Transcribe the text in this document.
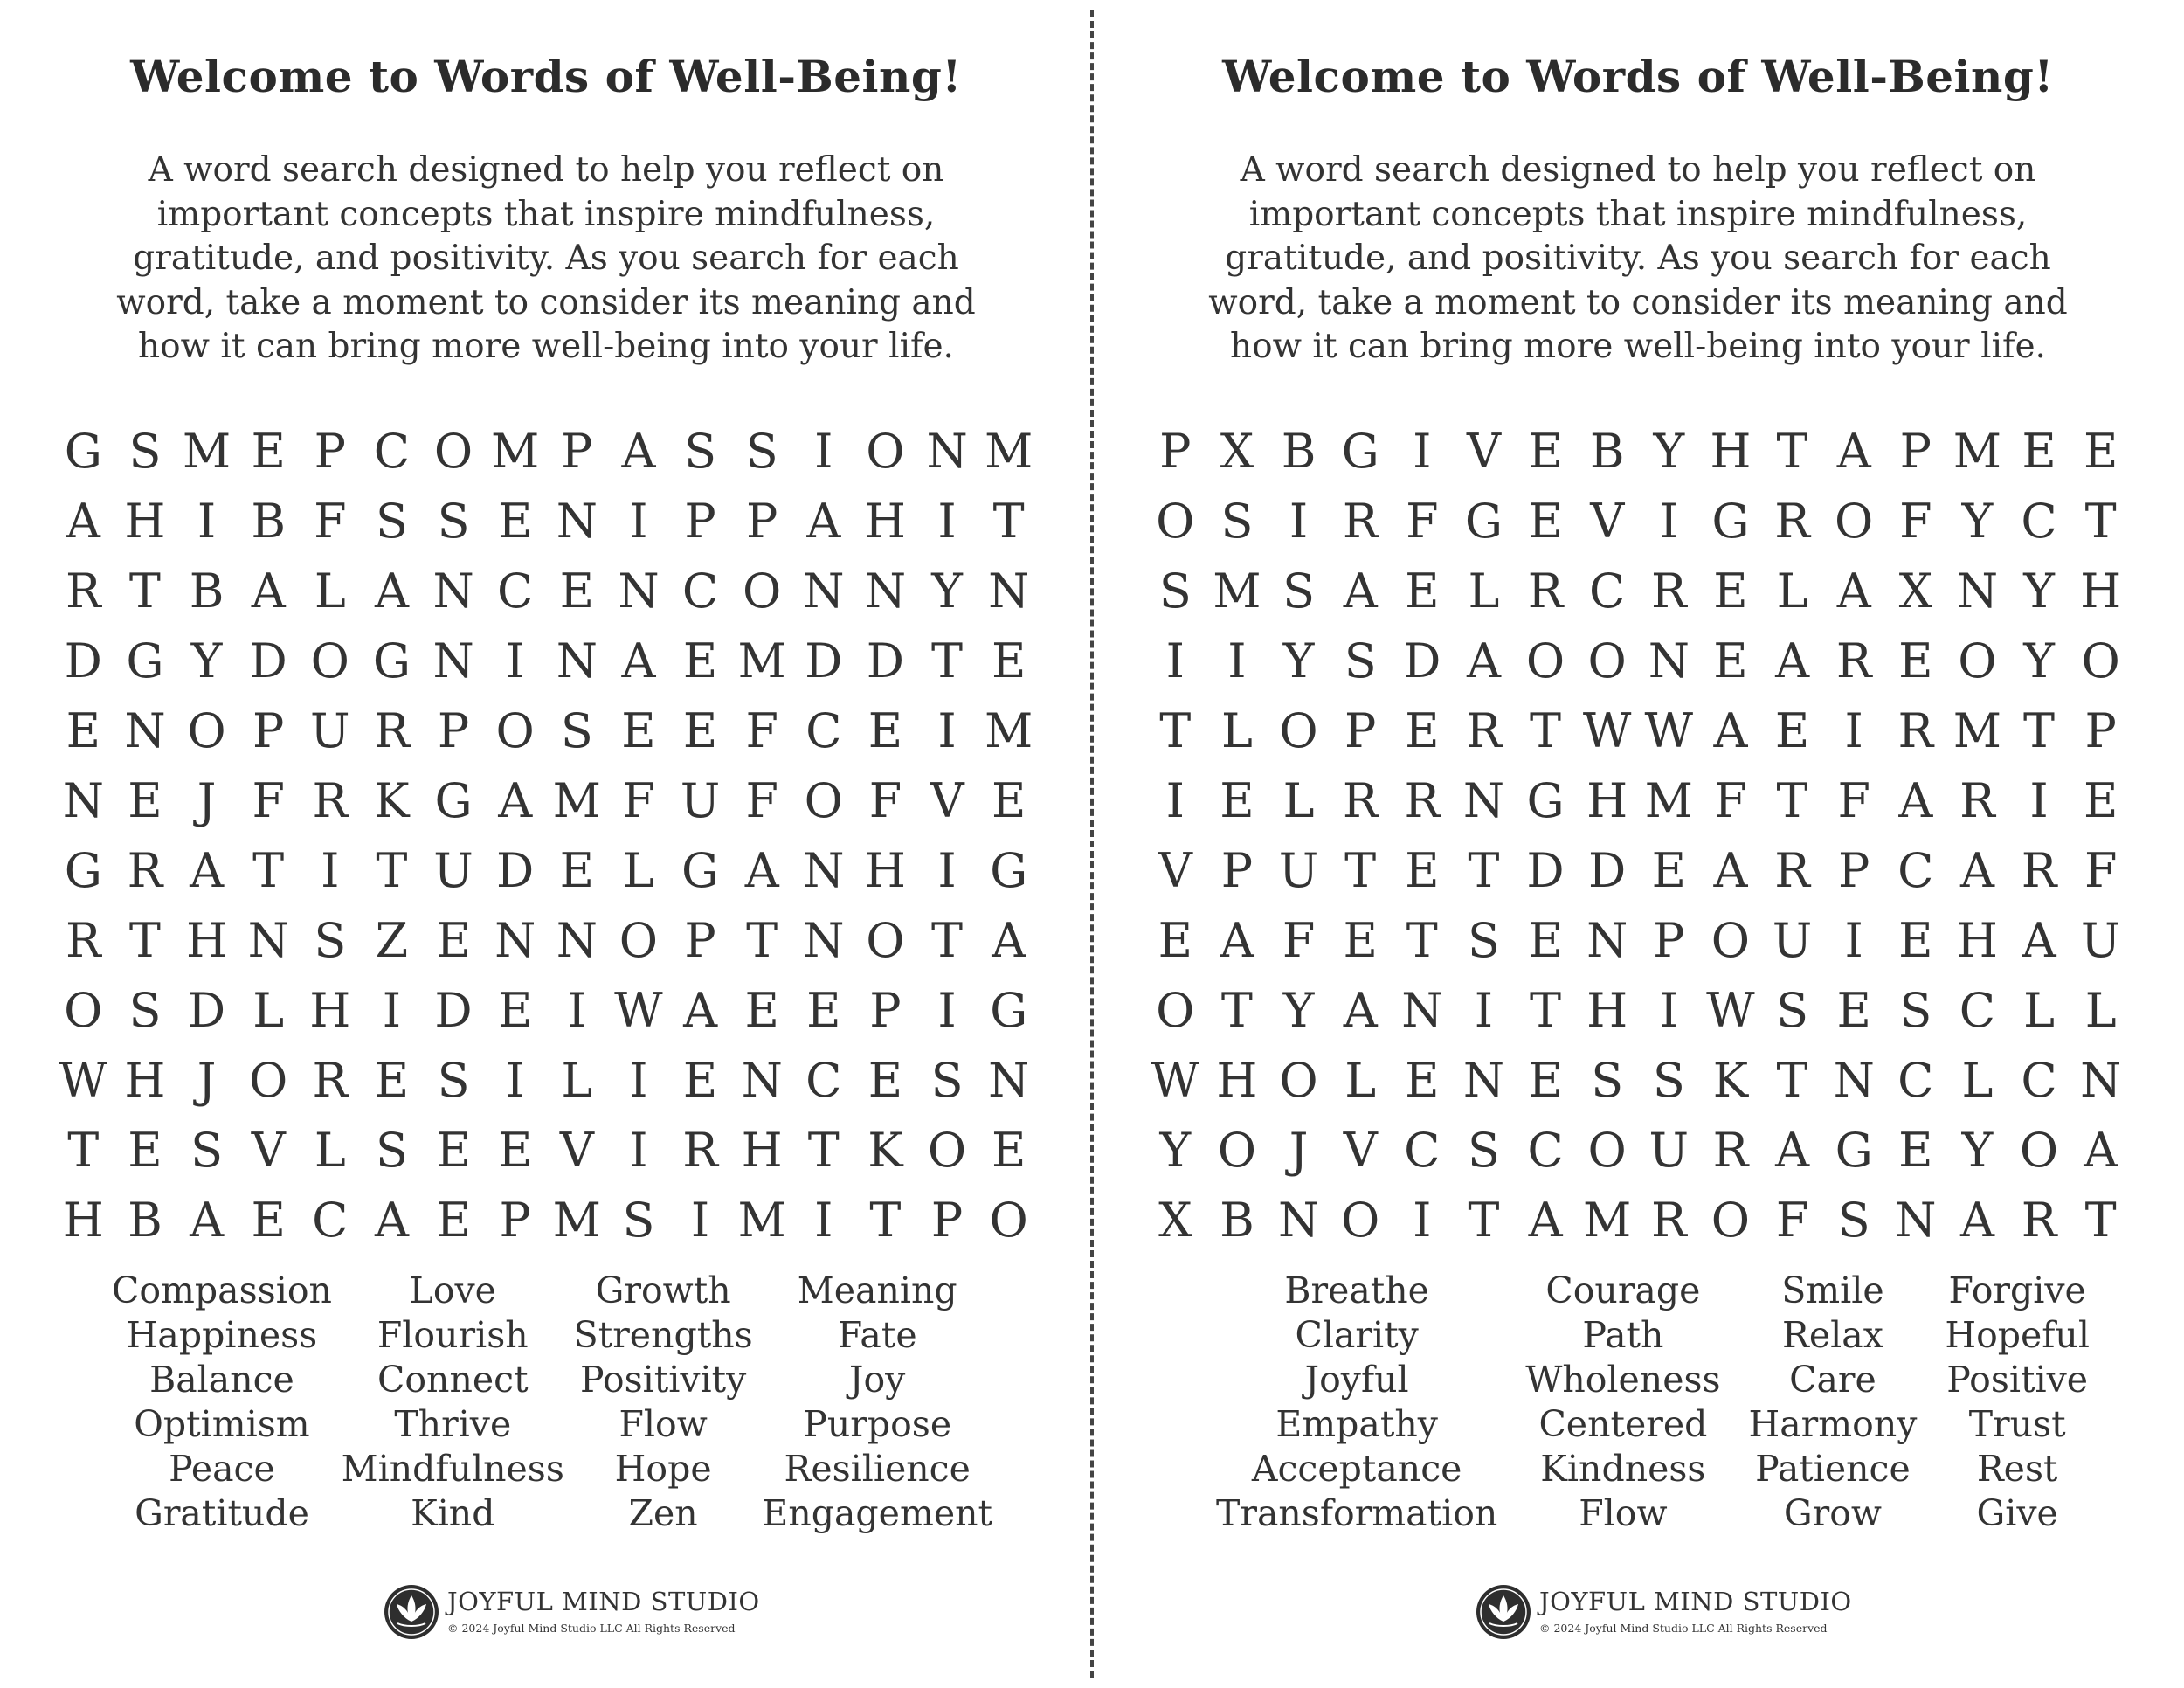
Welcome to Words of Well-Being!
A word search designed to help you reflect on
important concepts that inspire mindfulness,
gratitude, and positivity. As you search for each
word, take a moment to consider its meaning and
how it can bring more well-being into your life.
G S M E P C O M P A S S I O N M
A H I B F S S E N I P P A H I T
R T B A L A N C E N C O N N Y N
D G Y D O G N I N A E M D D T E
E N O P U R P O S E E F C E I M
N E J F R K G A M F U F O F V E
G R A T I T U D E L G A N H I G
R T H N S Z E N N O P T N O T A
O S D L H I D E I W A E E P I G
W H J O R E S I L I E N C E S N
T E S V L S E E V I R H T K O E
H B A E C A E P M S I M I T P O
Compassion
Happiness
Balance
Optimism
Peace
Gratitude
Love
Flourish
Connect
Thrive
Mindfulness
Kind
Growth
Strengths
Positivity
Flow
Hope
Zen
Meaning
Fate
Joy
Purpose
Resilience
Engagement
JOYFUL MIND STUDIO
© 2024 Joyful Mind Studio LLC All Rights Reserved
Welcome to Words of Well-Being!
A word search designed to help you reflect on
important concepts that inspire mindfulness,
gratitude, and positivity. As you search for each
word, take a moment to consider its meaning and
how it can bring more well-being into your life.
P X B G I V E B Y H T A P M E E
O S I R F G E V I G R O F Y C T
S M S A E L R C R E L A X N Y H
I I Y S D A O O N E A R E O Y O
T L O P E R T W W A E I R M T P
I E L R R N G H M F T F A R I E
V P U T E T D D E A R P C A R F
E A F E T S E N P O U I E H A U
O T Y A N I T H I W S E S C L L
W H O L E N E S S K T N C L C N
Y O J V C S C O U R A G E Y O A
X B N O I T A M R O F S N A R T
Breathe
Clarity
Joyful
Empathy
Acceptance
Transformation
Courage
Path
Wholeness
Centered
Kindness
Flow
Smile
Relax
Care
Harmony
Patience
Grow
Forgive
Hopeful
Positive
Trust
Rest
Give
JOYFUL MIND STUDIO
© 2024 Joyful Mind Studio LLC All Rights Reserved
